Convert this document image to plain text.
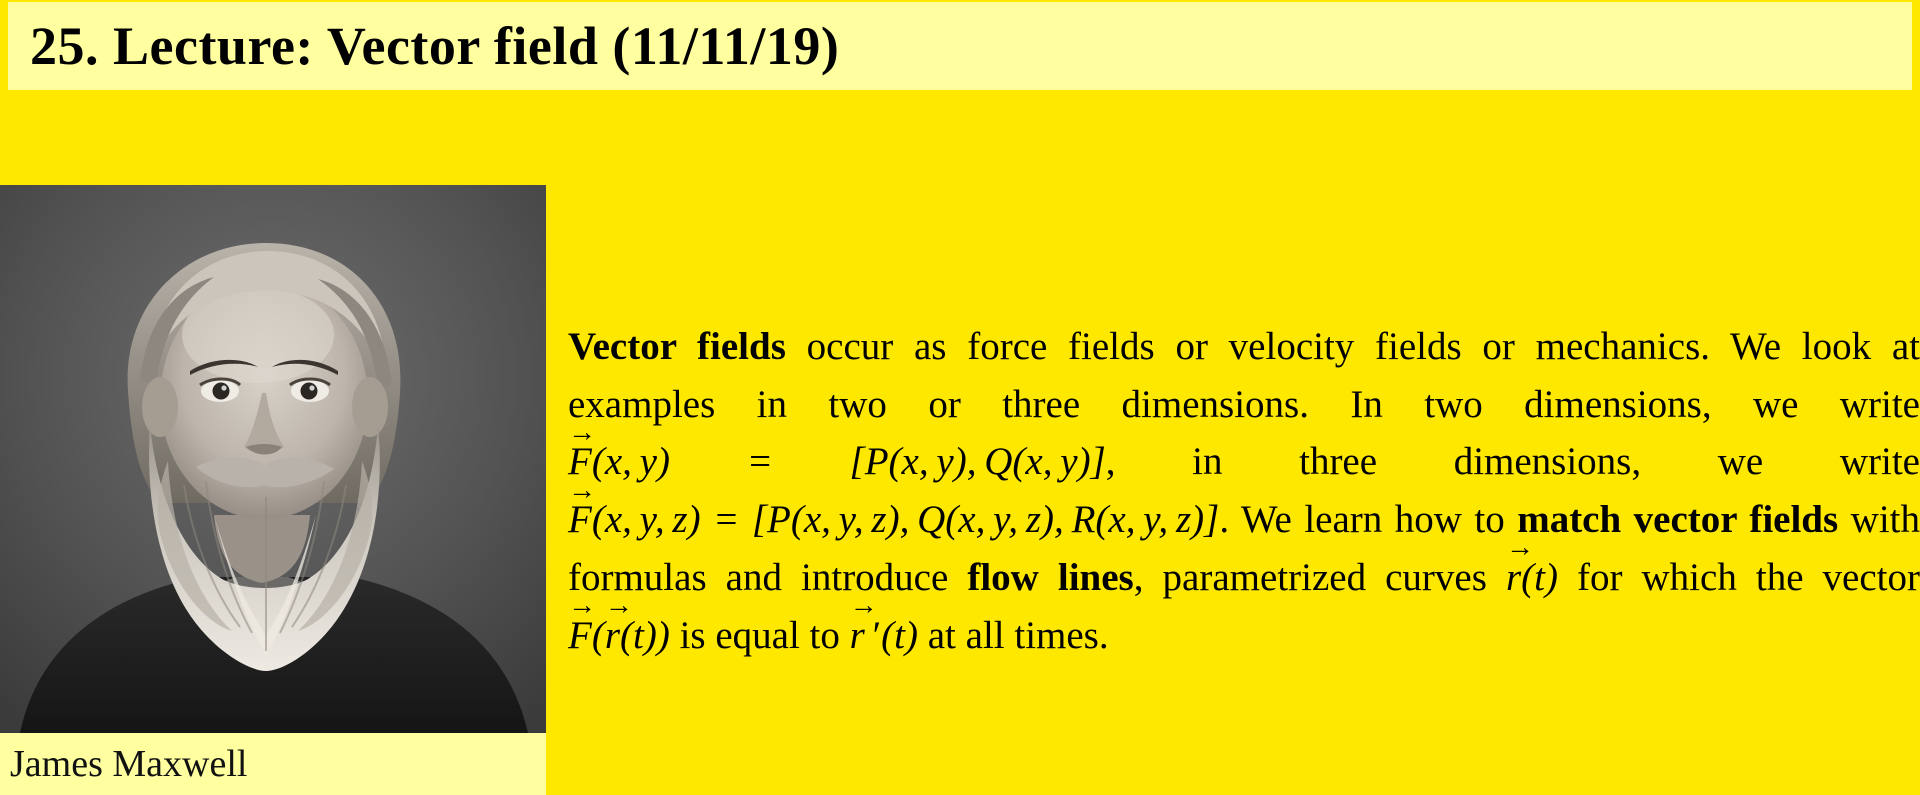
25. Lecture: Vector field (11/11/19)
James Maxwell
Vector fields occur as force fields or velocity fields or mechanics. We look at examples in two or three dimensions. In two dimensions, we write
→
F(x, y) = [P(x, y), Q(x, y)], in three dimensions, we write
→
F(x, y, z) = [P(x, y, z), Q(x, y, z), R(x, y, z)]. We learn how to match vector fields with formulas and introduce flow lines, parametrized curves
→
r(t) for which the vector
→
F(
→
r(t)) is equal to
→
r ′(t) at all times.
